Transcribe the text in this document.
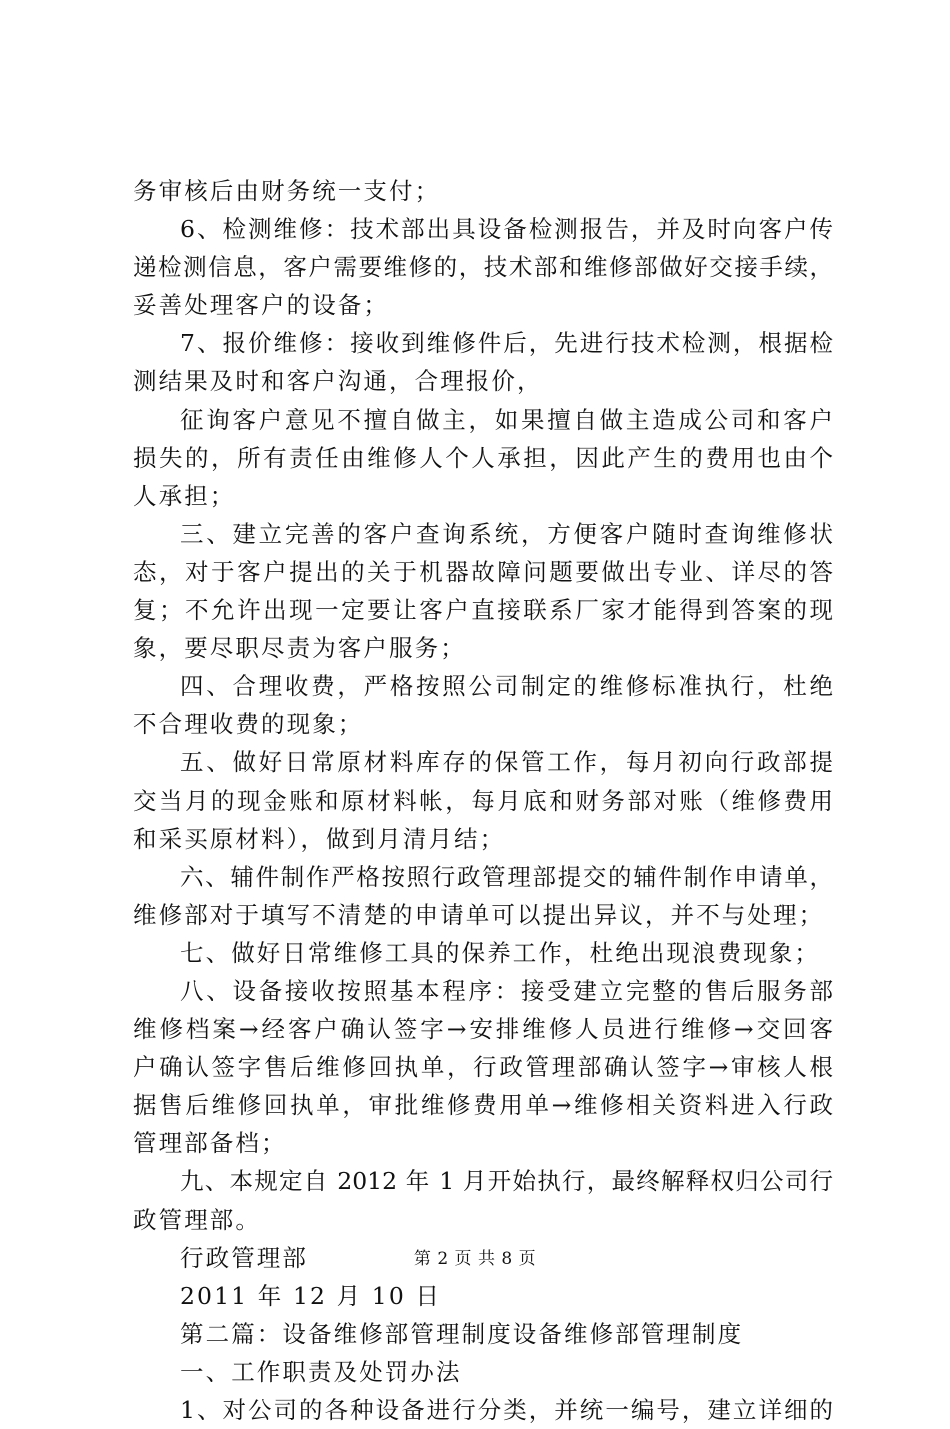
务审核后由财务统一支付；
6、检测维修：技术部出具设备检测报告，并及时向客户传
递检测信息，客户需要维修的，技术部和维修部做好交接手续，
妥善处理客户的设备；
7、报价维修：接收到维修件后，先进行技术检测，根据检
测结果及时和客户沟通，合理报价，
征询客户意见不擅自做主，如果擅自做主造成公司和客户
损失的，所有责任由维修人个人承担，因此产生的费用也由个
人承担；
三、建立完善的客户查询系统，方便客户随时查询维修状
态，对于客户提出的关于机器故障问题要做出专业、详尽的答
复；不允许出现一定要让客户直接联系厂家才能得到答案的现
象，要尽职尽责为客户服务；
四、合理收费，严格按照公司制定的维修标准执行，杜绝
不合理收费的现象；
五、做好日常原材料库存的保管工作，每月初向行政部提
交当月的现金账和原材料帐，每月底和财务部对账（维修费用
和采买原材料），做到月清月结；
六、辅件制作严格按照行政管理部提交的辅件制作申请单，
维修部对于填写不清楚的申请单可以提出异议，并不与处理；
七、做好日常维修工具的保养工作，杜绝出现浪费现象；
八、设备接收按照基本程序：接受建立完整的售后服务部
维修档案→经客户确认签字→安排维修人员进行维修→交回客
户确认签字售后维修回执单，行政管理部确认签字→审核人根
据售后维修回执单，审批维修费用单→维修相关资料进入行政
管理部备档；
九、本规定自 2012 年 1 月开始执行，最终解释权归公司行
政管理部。
行政管理部
2011 年 12 月 10 日
第二篇：设备维修部管理制度设备维修部管理制度
一、工作职责及处罚办法
1、对公司的各种设备进行分类，并统一编号，建立详细的
第 2 页 共 8 页
